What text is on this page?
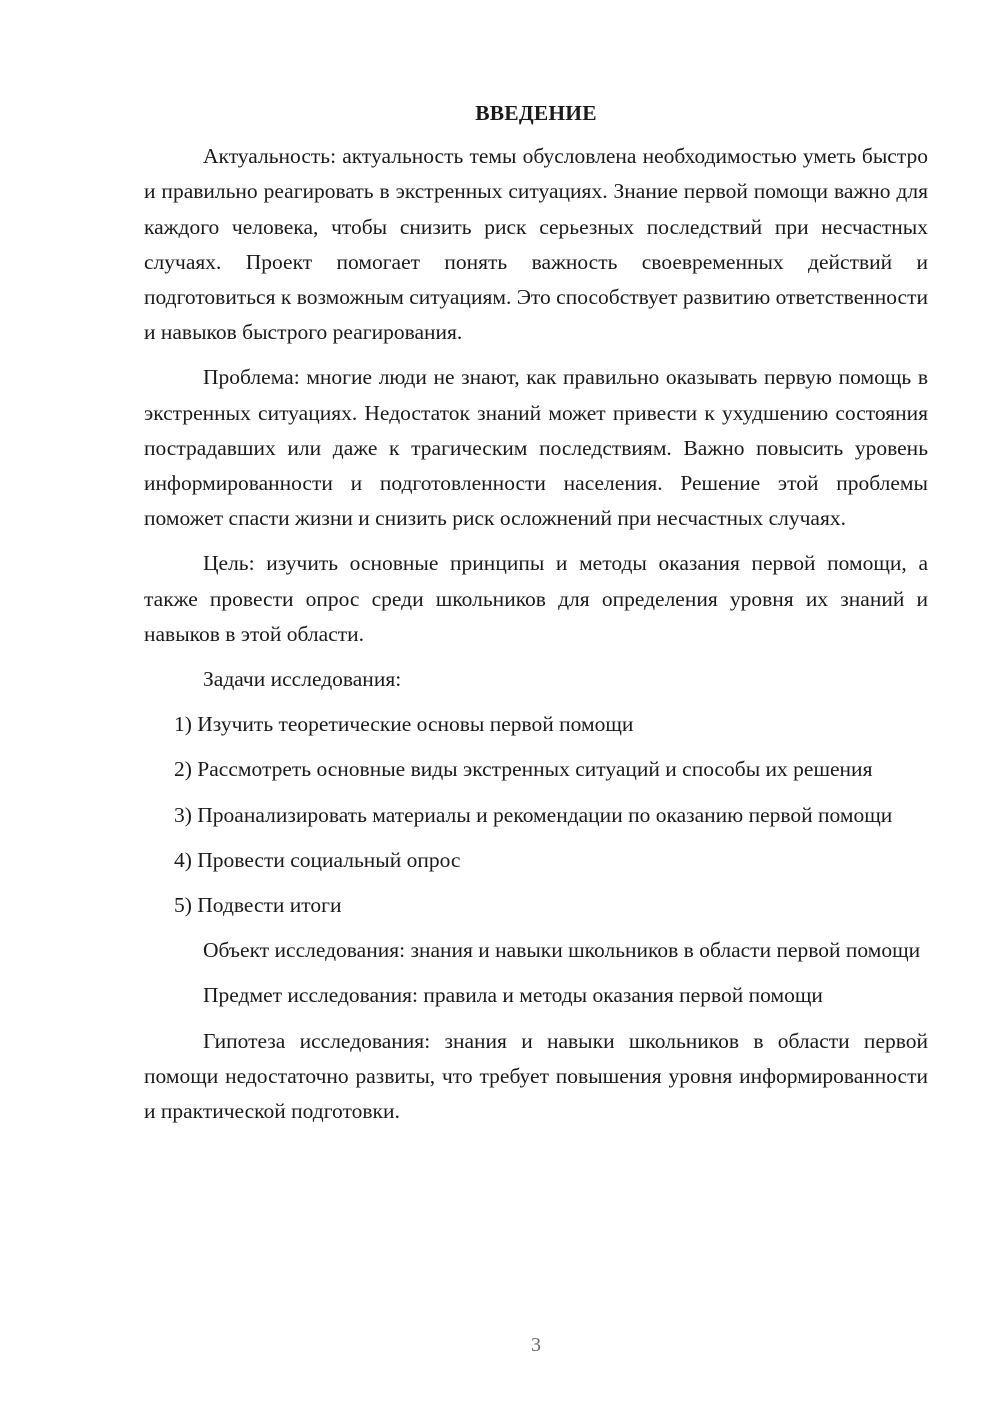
ВВЕДЕНИЕ

Актуальность: актуальность темы обусловлена необходимостью уметь быстро и правильно реагировать в экстренных ситуациях. Знание первой помощи важно для каждого человека, чтобы снизить риск серьезных последствий при несчастных случаях. Проект помогает понять важность своевременных действий и подготовиться к возможным ситуациям. Это способствует развитию ответственности и навыков быстрого реагирования.

Проблема: многие люди не знают, как правильно оказывать первую помощь в экстренных ситуациях. Недостаток знаний может привести к ухудшению состояния пострадавших или даже к трагическим последствиям. Важно повысить уровень информированности и подготовленности населения. Решение этой проблемы поможет спасти жизни и снизить риск осложнений при несчастных случаях.

Цель: изучить основные принципы и методы оказания первой помощи, а также провести опрос среди школьников для определения уровня их знаний и навыков в этой области.

Задачи исследования:

1) Изучить теоретические основы первой помощи

2) Рассмотреть основные виды экстренных ситуаций и способы их решения

3) Проанализировать материалы и рекомендации по оказанию первой помощи

4) Провести социальный опрос

5) Подвести итоги

Объект исследования: знания и навыки школьников в области первой помощи

Предмет исследования: правила и методы оказания первой помощи

Гипотеза исследования: знания и навыки школьников в области первой помощи недостаточно развиты, что требует повышения уровня информированности и практической подготовки.

3
